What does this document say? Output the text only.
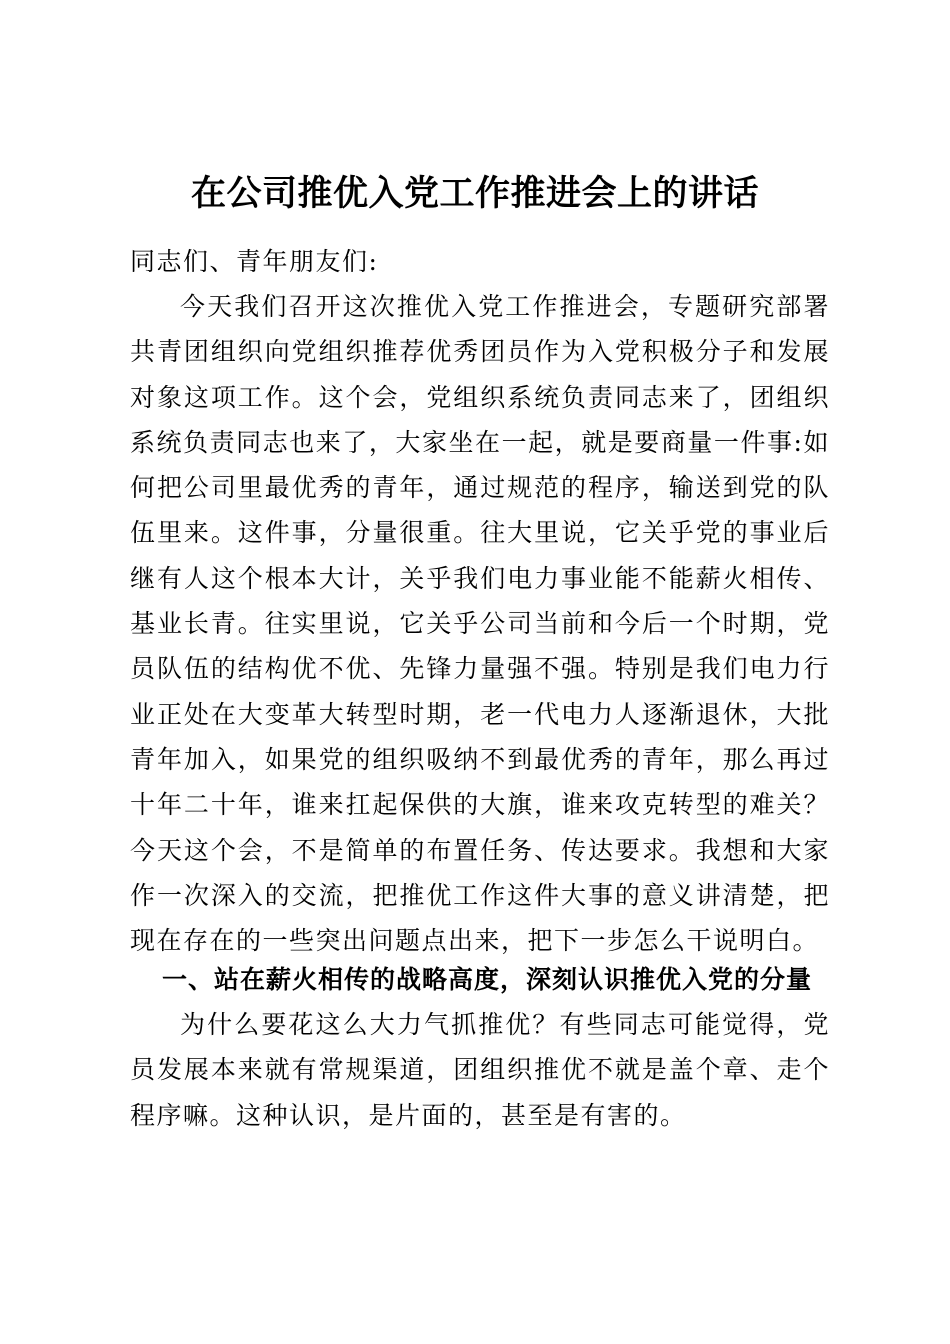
在公司推优入党工作推进会上的讲话
同志们、青年朋友们:

今天我们召开这次推优入党工作推进会，专题研究部署共青团组织向党组织推荐优秀团员作为入党积极分子和发展对象这项工作。这个会，党组织系统负责同志来了，团组织系统负责同志也来了，大家坐在一起，就是要商量一件事:如何把公司里最优秀的青年，通过规范的程序，输送到党的队伍里来。这件事，分量很重。往大里说，它关乎党的事业后继有人这个根本大计，关乎我们电力事业能不能薪火相传、基业长青。往实里说，它关乎公司当前和今后一个时期，党员队伍的结构优不优、先锋力量强不强。特别是我们电力行业正处在大变革大转型时期，老一代电力人逐渐退休，大批青年加入，如果党的组织吸纳不到最优秀的青年，那么再过十年二十年，谁来扛起保供的大旗，谁来攻克转型的难关？今天这个会，不是简单的布置任务、传达要求。我想和大家作一次深入的交流，把推优工作这件大事的意义讲清楚，把现在存在的一些突出问题点出来，把下一步怎么干说明白。

一、站在薪火相传的战略高度，深刻认识推优入党的分量

为什么要花这么大力气抓推优？有些同志可能觉得，党员发展本来就有常规渠道，团组织推优不就是盖个章、走个程序嘛。这种认识，是片面的，甚至是有害的。
